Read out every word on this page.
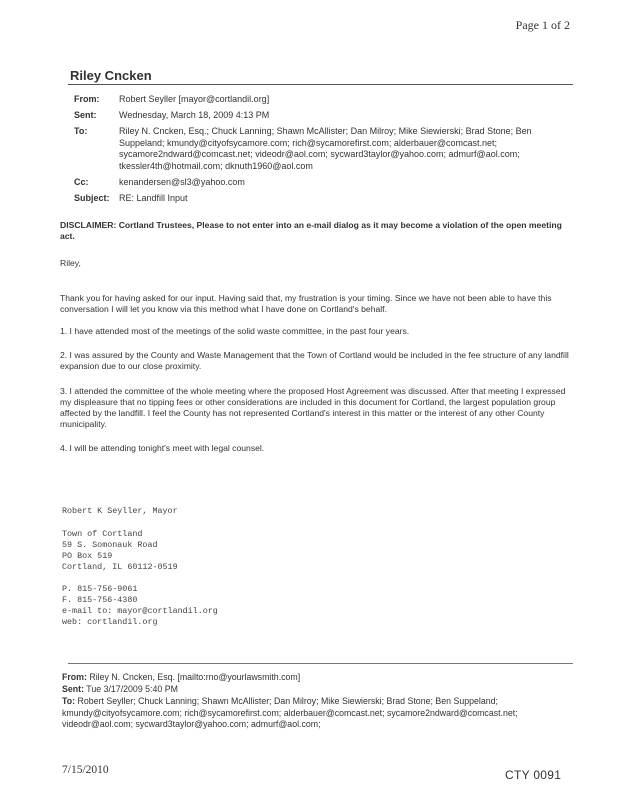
Page 1 of 2
Riley Cncken
From: Robert Seyller [mayor@cortlandil.org]
Sent:	Wednesday, March 18, 2009 4:13 PM
To:	Riley N. Cncken, Esq.; Chuck Lanning; Shawn McAllister; Dan Milroy; Mike Siewierski; Brad Stone; Ben Suppeland; kmundy@cityofsycamore.com; rich@sycamorefirst.com; alderbauer@comcast.net; sycamore2ndward@comcast.net; videodr@aol.com; sycward3taylor@yahoo.com; admurf@aol.com; tkessler4th@hotmail.com; dknuth1960@aol.com
Cc:	kenandersen@sl3@yahoo.com
Subject: RE: Landfill Input
DISCLAIMER: Cortland Trustees, Please to not enter into an e-mail dialog as it may become a violation of the open meeting act.
Riley,
Thank you for having asked for our input. Having said that, my frustration is your timing. Since we have not been able to have this conversation I will let you know via this method what I have done on Cortland's behalf.
1. I have attended most of the meetings of the solid waste committee, in the past four years.
2. I was assured by the County and Waste Management that the Town of Cortland would be included in the fee structure of any landfill expansion due to our close proximity.
3. I attended the committee of the whole meeting where the proposed Host Agreement was discussed. After that meeting I expressed my displeasure that no tipping fees or other considerations are included in this document for Cortland, the largest population group affected by the landfill. I feel the County has not represented Cortland's interest in this matter or the interest of any other County municipality.
4. I will be attending tonight's meet with legal counsel.
Robert K Seyller, Mayor
Town of Cortland
59 S. Somonauk Road
PO Box 519
Cortland, IL 60112-0519
P. 815-756-9061
F. 815-756-4380
e-mail to: mayor@cortlandil.org
web: cortlandil.org
From: Riley N. Cncken, Esq. [mailto:rno@yourlawsmith.com]
Sent: Tue 3/17/2009 5:40 PM
To: Robert Seyller; Chuck Lanning; Shawn McAllister; Dan Milroy; Mike Siewierski; Brad Stone; Ben Suppeland; kmundy@cityofsycamore.com; rich@sycamorefirst.com; alderbauer@comcast.net; sycamore2ndward@comcast.net; videodr@aol.com; sycward3taylor@yahoo.com; admurf@aol.com;
7/15/2010	CTY 0091
